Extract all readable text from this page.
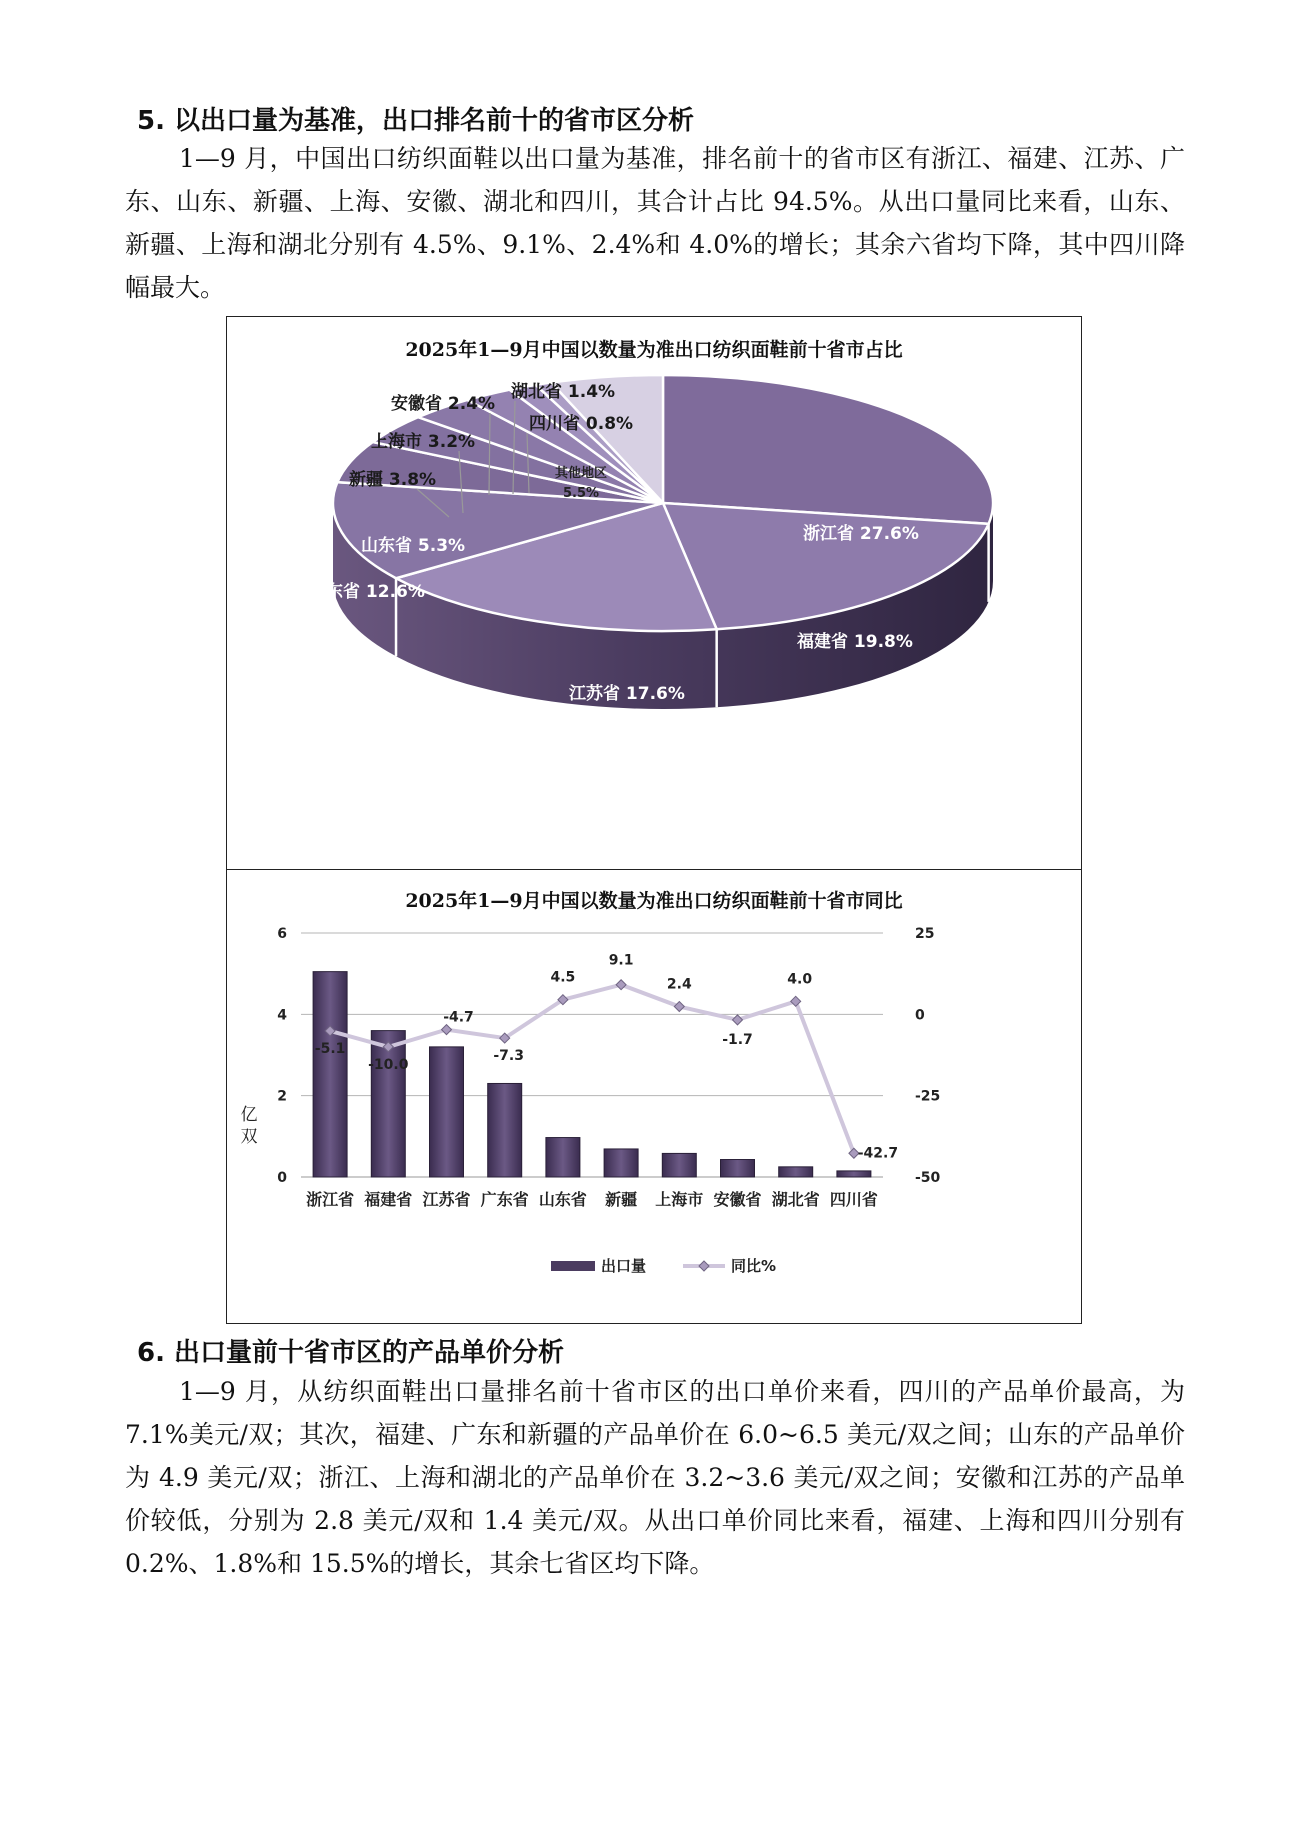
5. 以出口量为基准，出口排名前十的省市区分析

1—9 月，中国出口纺织面鞋以出口量为基准，排名前十的省市区有浙江、福建、江苏、广东、山东、新疆、上海、安徽、湖北和四川，其合计占比 94.5%。从出口量同比来看，山东、新疆、上海和湖北分别有 4.5%、9.1%、2.4%和 4.0%的增长；其余六省均下降，其中四川降幅最大。

2025年1—9月中国以数量为准出口纺织面鞋前十省市占比
浙江省 27.6%
福建省 19.8%
江苏省 17.6%
广东省 12.6%
山东省 5.3%
新疆 3.8%
上海市 3.2%
安徽省 2.4%
湖北省 1.4%
四川省 0.8%
其他地区
5.5%
2025年1—9月中国以数量为准出口纺织面鞋前十省市同比
0
2
4
6
-50
-25
0
25
亿
双
浙江省 福建省 江苏省 广东省 山东省 新疆 上海市 安徽省 湖北省 四川省
-5.1
-10.0
-4.7
-7.3
4.5
9.1
2.4
-1.7
4.0
-42.7
出口量	同比%
6. 出口量前十省市区的产品单价分析

1—9 月，从纺织面鞋出口量排名前十省市区的出口单价来看，四川的产品单价最高，为 7.1%美元/双；其次，福建、广东和新疆的产品单价在 6.0~6.5 美元/双之间；山东的产品单价为 4.9 美元/双；浙江、上海和湖北的产品单价在 3.2~3.6 美元/双之间；安徽和江苏的产品单价较低，分别为 2.8 美元/双和 1.4 美元/双。从出口单价同比来看，福建、上海和四川分别有 0.2%、1.8%和 15.5%的增长，其余七省区均下降。
